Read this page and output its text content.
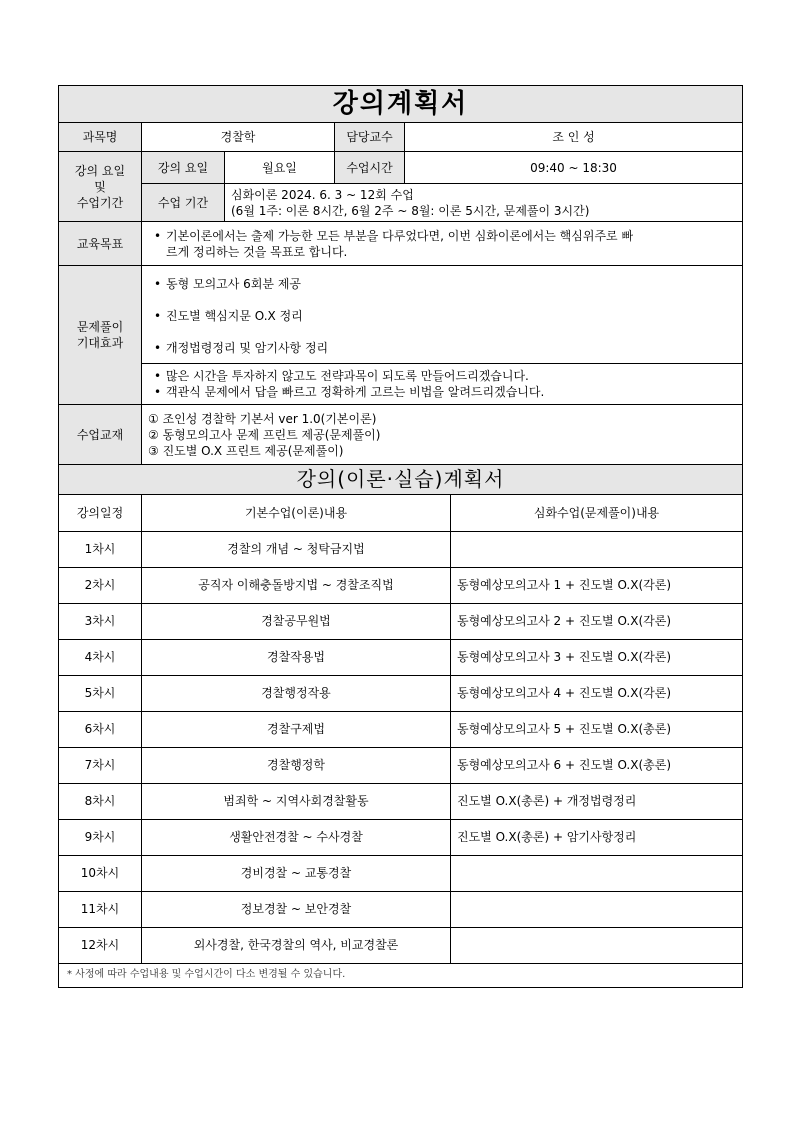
강의계획서				
과목명	경찰학		담당교수	조 인 성

강의 요일
및
수업기간	강의 요일	월요일	수업시간	09:40 ~ 18:30
	수업 기간	심화이론 2024. 6. 3 ~ 12회 수업
(6월 1주: 이론 8시간, 6월 2주 ~ 8월: 이론 5시간, 문제풀이 3시간)		

교육목표	• 기본이론에서는 출제 가능한 모든 부분을 다루었다면, 이번 심화이론에서는 핵심위주로 빠
르게 정리하는 것을 목표로 합니다.

문제풀이
기대효과	• 동형 모의고사 6회분 제공
• 진도별 핵심지문 O.X 정리
• 개정법령정리 및 암기사항 정리

	• 많은 시간을 투자하지 않고도 전략과목이 되도록 만들어드리겠습니다.
• 객관식 문제에서 답을 빠르고 정확하게 고르는 비법을 알려드리겠습니다.

수업교재	① 조인성 경찰학 기본서 ver 1.0(기본이론)
② 동형모의고사 문제 프린트 제공(문제풀이)
③ 진도별 O.X 프린트 제공(문제풀이)			
강의(이론·실습)계획서		
강의일정	기본수업(이론)내용	심화수업(문제풀이)내용
1차시	경찰의 개념 ~ 청탁금지법	
2차시	공직자 이해충돌방지법 ~ 경찰조직법	동형예상모의고사 1 + 진도별 O.X(각론)
3차시	경찰공무원법	동형예상모의고사 2 + 진도별 O.X(각론)
4차시	경찰작용법	동형예상모의고사 3 + 진도별 O.X(각론)
5차시	경찰행정작용	동형예상모의고사 4 + 진도별 O.X(각론)
6차시	경찰구제법	동형예상모의고사 5 + 진도별 O.X(총론)
7차시	경찰행정학	동형예상모의고사 6 + 진도별 O.X(총론)
8차시	범죄학 ~ 지역사회경찰활동	진도별 O.X(총론) + 개정법령정리
9차시	생활안전경찰 ~ 수사경찰	진도별 O.X(총론) + 암기사항정리
10차시	경비경찰 ~ 교통경찰	
11차시	정보경찰 ~ 보안경찰	
12차시	외사경찰, 한국경찰의 역사, 비교경찰론	
* 사정에 따라 수업내용 및 수업시간이 다소 변경될 수 있습니다.		
